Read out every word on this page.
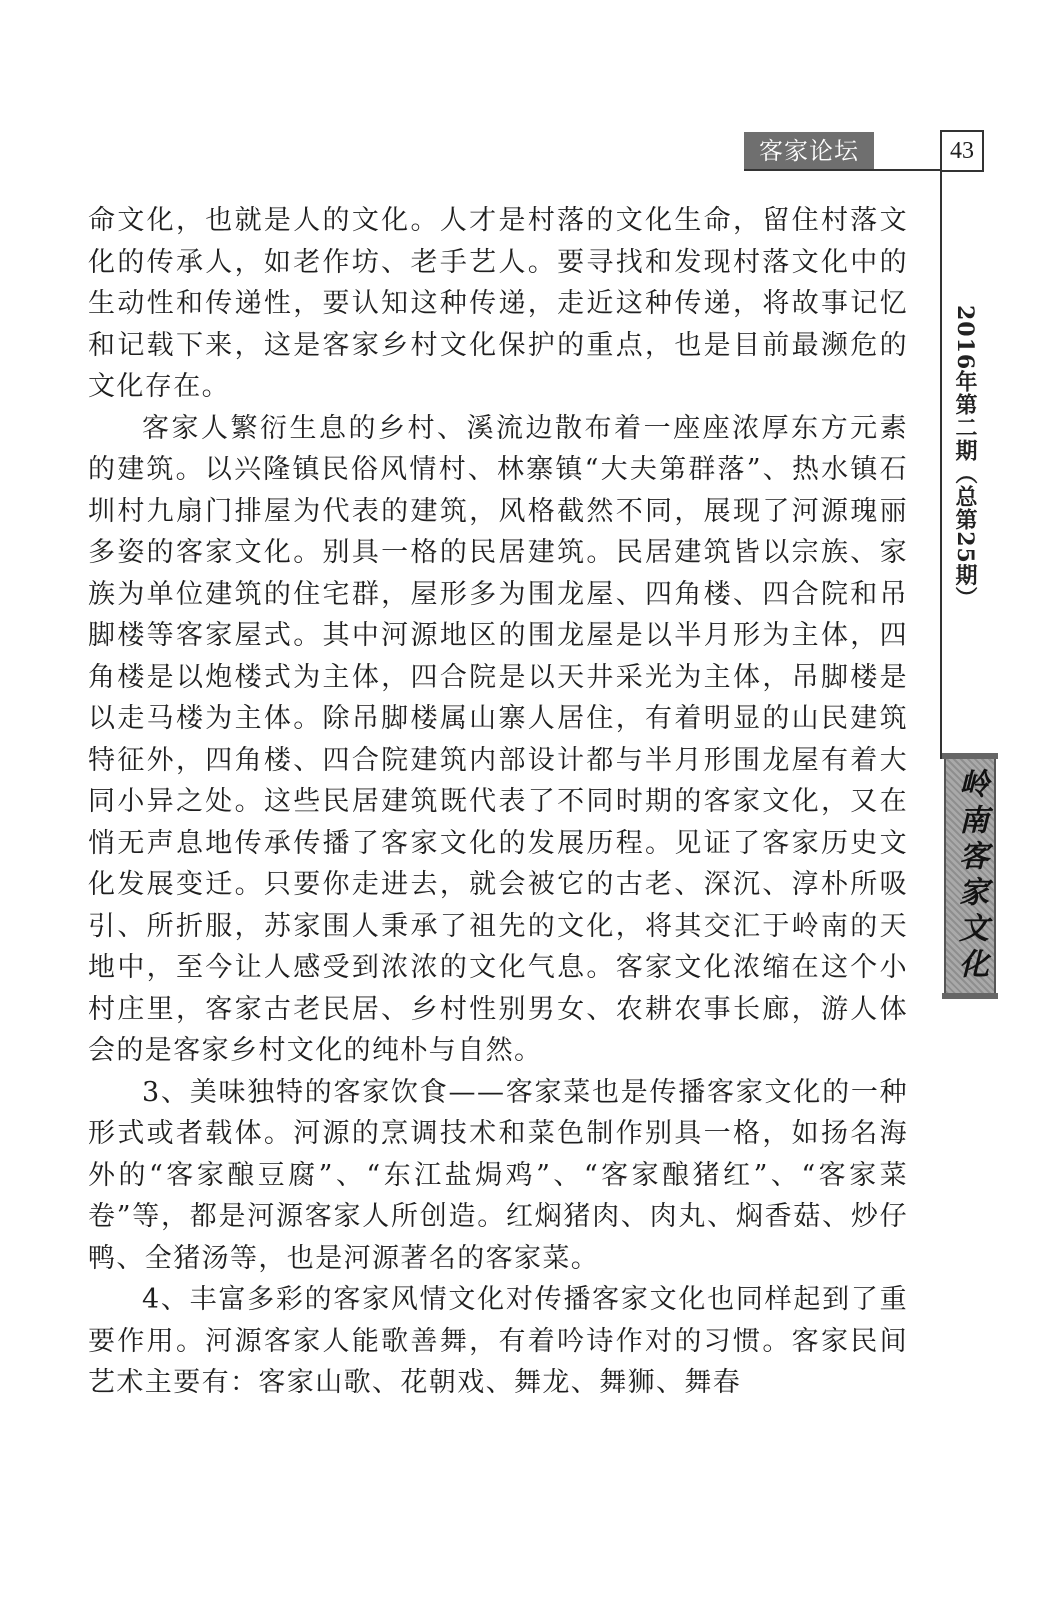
客家论坛	43
2016年第二期（总第25期）
岭南客家文化

命文化，也就是人的文化。人才是村落的文化生命，留住村落文化的传承人，如老作坊、老手艺人。要寻找和发现村落文化中的生动性和传递性，要认知这种传递，走近这种传递，将故事记忆和记载下来，这是客家乡村文化保护的重点，也是目前最濒危的文化存在。

客家人繁衍生息的乡村、溪流边散布着一座座浓厚东方元素的建筑。以兴隆镇民俗风情村、林寨镇“大夫第群落”、热水镇石圳村九扇门排屋为代表的建筑，风格截然不同，展现了河源瑰丽多姿的客家文化。别具一格的民居建筑。民居建筑皆以宗族、家族为单位建筑的住宅群，屋形多为围龙屋、四角楼、四合院和吊脚楼等客家屋式。其中河源地区的围龙屋是以半月形为主体，四角楼是以炮楼式为主体，四合院是以天井采光为主体，吊脚楼是以走马楼为主体。除吊脚楼属山寨人居住，有着明显的山民建筑特征外，四角楼、四合院建筑内部设计都与半月形围龙屋有着大同小异之处。这些民居建筑既代表了不同时期的客家文化，又在悄无声息地传承传播了客家文化的发展历程。见证了客家历史文化发展变迁。只要你走进去，就会被它的古老、深沉、淳朴所吸引、所折服，苏家围人秉承了祖先的文化，将其交汇于岭南的天地中，至今让人感受到浓浓的文化气息。客家文化浓缩在这个小村庄里，客家古老民居、乡村性别男女、农耕农事长廊，游人体会的是客家乡村文化的纯朴与自然。

3、美味独特的客家饮食——客家菜也是传播客家文化的一种形式或者载体。河源的烹调技术和菜色制作别具一格，如扬名海外的“客家酿豆腐”、“东江盐焗鸡”、“客家酿猪红”、“客家菜卷”等，都是河源客家人所创造。红焖猪肉、肉丸、焖香菇、炒仔鸭、全猪汤等，也是河源著名的客家菜。

4、丰富多彩的客家风情文化对传播客家文化也同样起到了重要作用。河源客家人能歌善舞，有着吟诗作对的习惯。客家民间艺术主要有：客家山歌、花朝戏、舞龙、舞狮、舞春
